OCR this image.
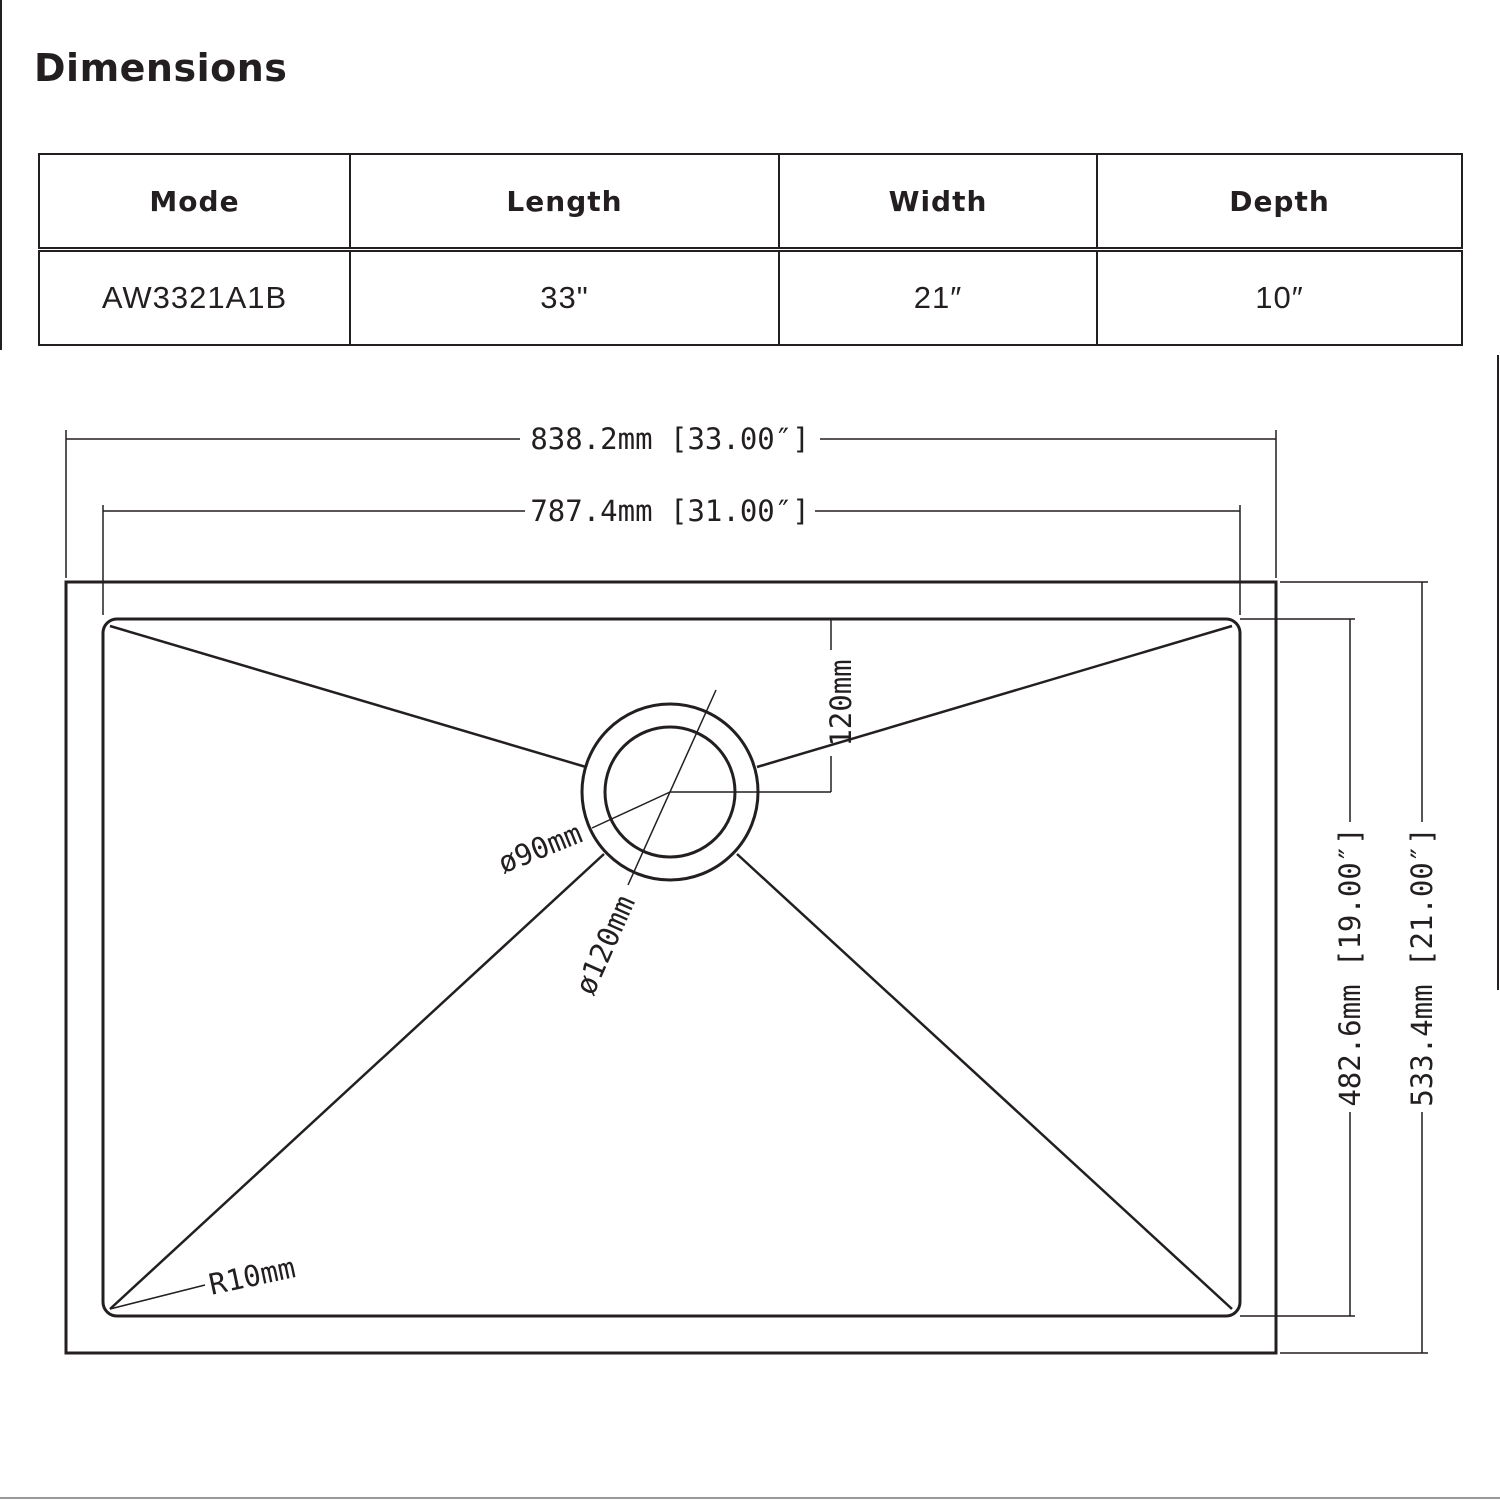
Dimensions
Mode	Length	Width	Depth
AW3321A1B	33"	21″	10″
838.2mm [33.00″]
787.4mm [31.00″]
120mm
482.6mm [19.00″] 533.4mm [21.00″]
ø90mm
ø120mm
R10mm
